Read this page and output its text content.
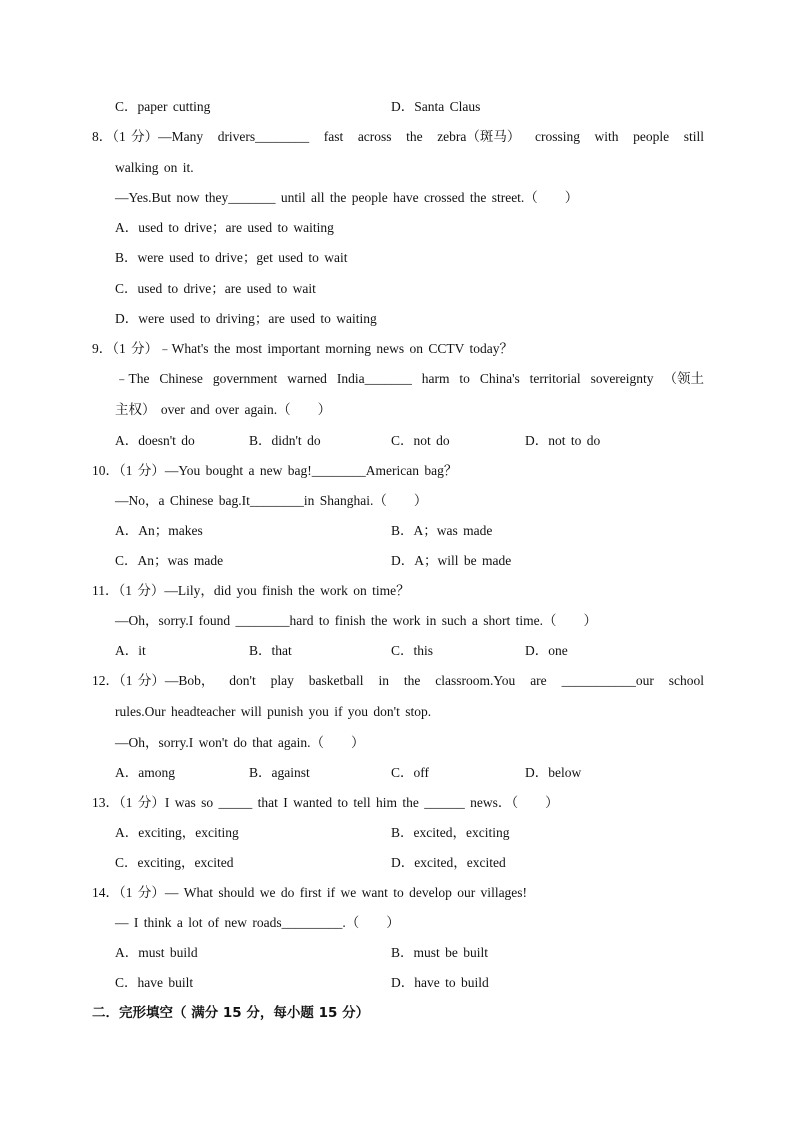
C．paper cutting	D．Santa Claus
8．（1 分）—Many drivers________ fast across the zebra（斑马） crossing with people still
walking on it.
—Yes.But now they_______ until all the people have crossed the street.（　　）
A．used to drive；are used to waiting
B．were used to drive；get used to wait
C．used to drive；are used to wait
D．were used to driving；are used to waiting
9．（1 分）﹣What's the most important morning news on CCTV today？
﹣The Chinese government warned India_______ harm to China's territorial sovereignty （领土
主权） over and over again.（　　）
A．doesn't do	B．didn't do	C．not do	D．not to do
10．（1 分）—You bought a new bag!________American bag？
—No，a Chinese bag.It________in Shanghai.（　　）
A．An；makes	B．A；was made
C．An；was made	D．A；will be made
11．（1 分）—Lily，did you finish the work on time？
—Oh，sorry.I found ________hard to finish the work in such a short time.（　　）
A．it	B．that	C．this	D．one
12．（1 分）—Bob， don't play basketball in the classroom.You are ___________our school
rules.Our headteacher will punish you if you don't stop.
—Oh，sorry.I won't do that again.（　　）
A．among	B．against	C．off	D．below
13．（1 分）I was so _____ that I wanted to tell him the ______ news．（　　）
A．exciting，exciting	B．excited，exciting
C．exciting，excited	D．excited，excited
14．（1 分）— What should we do first if we want to develop our villages!
— I think a lot of new roads_________.（　　）
A．must build	B．must be built
C．have built	D．have to build
二．完形填空（ 满分 15 分，每小题 15 分）
